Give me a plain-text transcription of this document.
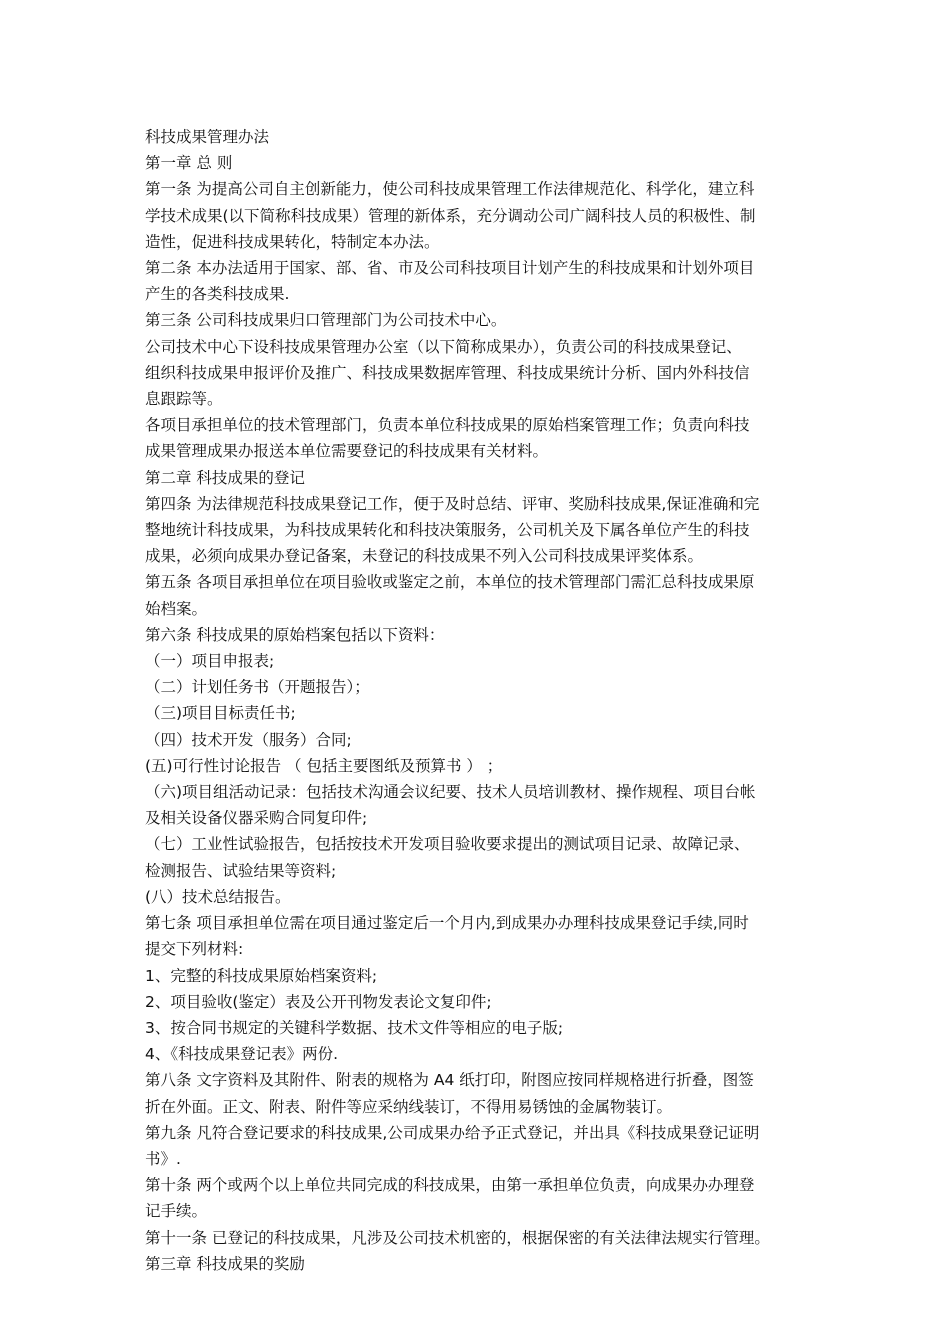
科技成果管理办法

第一章 总 则

第一条 为提高公司自主创新能力，使公司科技成果管理工作法律规范化、科学化，建立科

学技术成果(以下简称科技成果）管理的新体系，充分调动公司广阔科技人员的积极性、制

造性，促进科技成果转化，特制定本办法。

第二条 本办法适用于国家、部、省、市及公司科技项目计划产生的科技成果和计划外项目

产生的各类科技成果.

第三条 公司科技成果归口管理部门为公司技术中心。

公司技术中心下设科技成果管理办公室（以下简称成果办），负责公司的科技成果登记、

组织科技成果申报评价及推广、科技成果数据库管理、科技成果统计分析、国内外科技信

息跟踪等。

各项目承担单位的技术管理部门，负责本单位科技成果的原始档案管理工作；负责向科技

成果管理成果办报送本单位需要登记的科技成果有关材料。

第二章 科技成果的登记

第四条 为法律规范科技成果登记工作，便于及时总结、评审、奖励科技成果,保证准确和完

整地统计科技成果，为科技成果转化和科技决策服务，公司机关及下属各单位产生的科技

成果，必须向成果办登记备案，未登记的科技成果不列入公司科技成果评奖体系。

第五条 各项目承担单位在项目验收或鉴定之前，本单位的技术管理部门需汇总科技成果原

始档案。

第六条 科技成果的原始档案包括以下资料：

（一）项目申报表;

（二）计划任务书（开题报告）；

（三)项目目标责任书;

（四）技术开发（服务）合同;

(五)可行性讨论报告 （ 包括主要图纸及预算书 ） ；

（六)项目组活动记录：包括技术沟通会议纪要、技术人员培训教材、操作规程、项目台帐

及相关设备仪器采购合同复印件;

（七）工业性试验报告，包括按技术开发项目验收要求提出的测试项目记录、故障记录、

检测报告、试验结果等资料;

(八）技术总结报告。

第七条 项目承担单位需在项目通过鉴定后一个月内,到成果办办理科技成果登记手续,同时

提交下列材料:

1、完整的科技成果原始档案资料;

2、项目验收(鉴定）表及公开刊物发表论文复印件;

3、按合同书规定的关键科学数据、技术文件等相应的电子版;

4、《科技成果登记表》两份.

第八条 文字资料及其附件、附表的规格为 A4 纸打印，附图应按同样规格进行折叠，图签

折在外面。正文、附表、附件等应采纳线装订，不得用易锈蚀的金属物装订。

第九条 凡符合登记要求的科技成果,公司成果办给予正式登记，并出具《科技成果登记证明

书》.

第十条 两个或两个以上单位共同完成的科技成果，由第一承担单位负责，向成果办办理登

记手续。

第十一条 已登记的科技成果，凡涉及公司技术机密的，根据保密的有关法律法规实行管理。

第三章 科技成果的奖励
